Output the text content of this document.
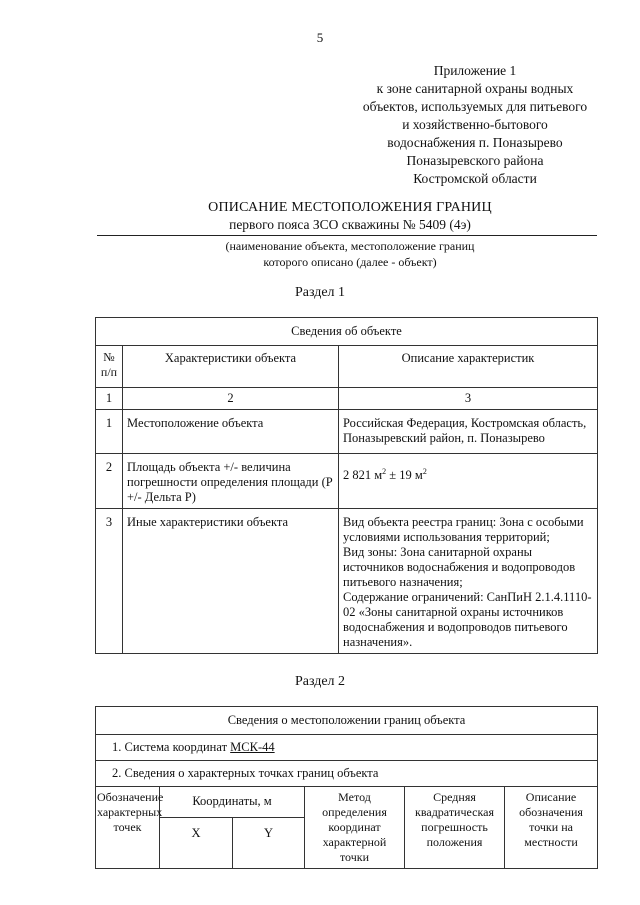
5
Приложение 1
к зоне санитарной охраны водных
объектов, используемых для питьевого
и хозяйственно-бытового
водоснабжения п. Поназырево
Поназыревского района
Костромской области
ОПИСАНИЕ МЕСТОПОЛОЖЕНИЯ ГРАНИЦ
первого пояса ЗСО скважины № 5409 (4э)
(наименование объекта, местоположение границ
которого описано (далее - объект)
Раздел 1
Сведения об объекте		
№ п/п	Характеристики объекта	Описание характеристик
1	2	3
1	Местоположение объекта	Российская Федерация, Костромская область, Поназыревский район, п. Поназырево
2	Площадь объекта +/- величина погрешности определения площади (Р +/- Дельта Р)	2 821 $м^2 \pm 19$ $м^2$
3	Иные характеристики объекта	Вид объекта реестра границ: Зона с особыми условиями использования территорий;
Вид зоны: Зона санитарной охраны источников водоснабжения и водопроводов питьевого назначения;
Содержание ограничений: СанПиН 2.1.4.1110-02 «Зоны санитарной охраны источников водоснабжения и водопроводов питьевого назначения».
Раздел 2
Сведения о местоположении границ объекта					
1. Система координат МСК-44					
2. Сведения о характерных точках границ объекта					
Обозначение характерных точек	Координаты, м		Метод определения координат характерной точки	Средняя квадратическая погрешность положения	Описание обозначения точки на местности
	X	Y			
